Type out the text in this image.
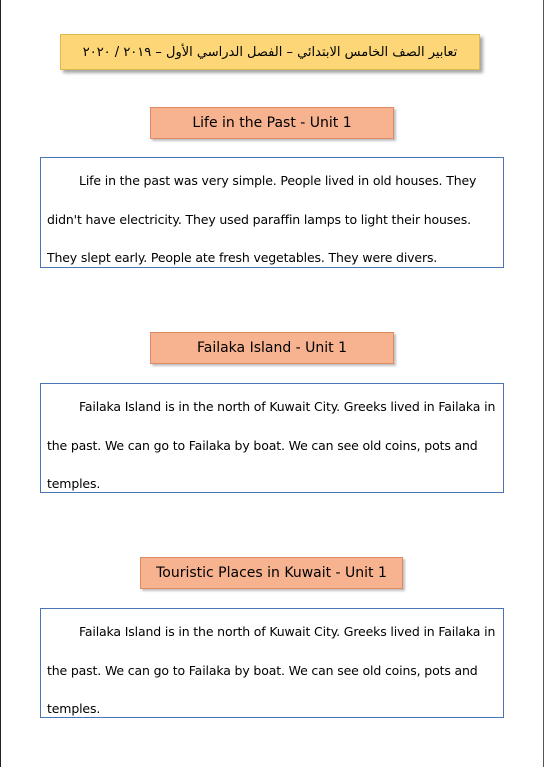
تعابير الصف الخامس الابتدائي – الفصل الدراسي الأول – ٢٠١٩ / ٢٠٢٠
Life in the Past - Unit 1

Life in the past was very simple. People lived in old houses. They didn't have electricity. They used paraffin lamps to light their houses. They slept early. People ate fresh vegetables. They were divers.

Failaka Island - Unit 1

Failaka Island is in the north of Kuwait City. Greeks lived in Failaka in the past. We can go to Failaka by boat. We can see old coins, pots and temples.

Touristic Places in Kuwait - Unit 1

Failaka Island is in the north of Kuwait City. Greeks lived in Failaka in the past. We can go to Failaka by boat. We can see old coins, pots and temples.
